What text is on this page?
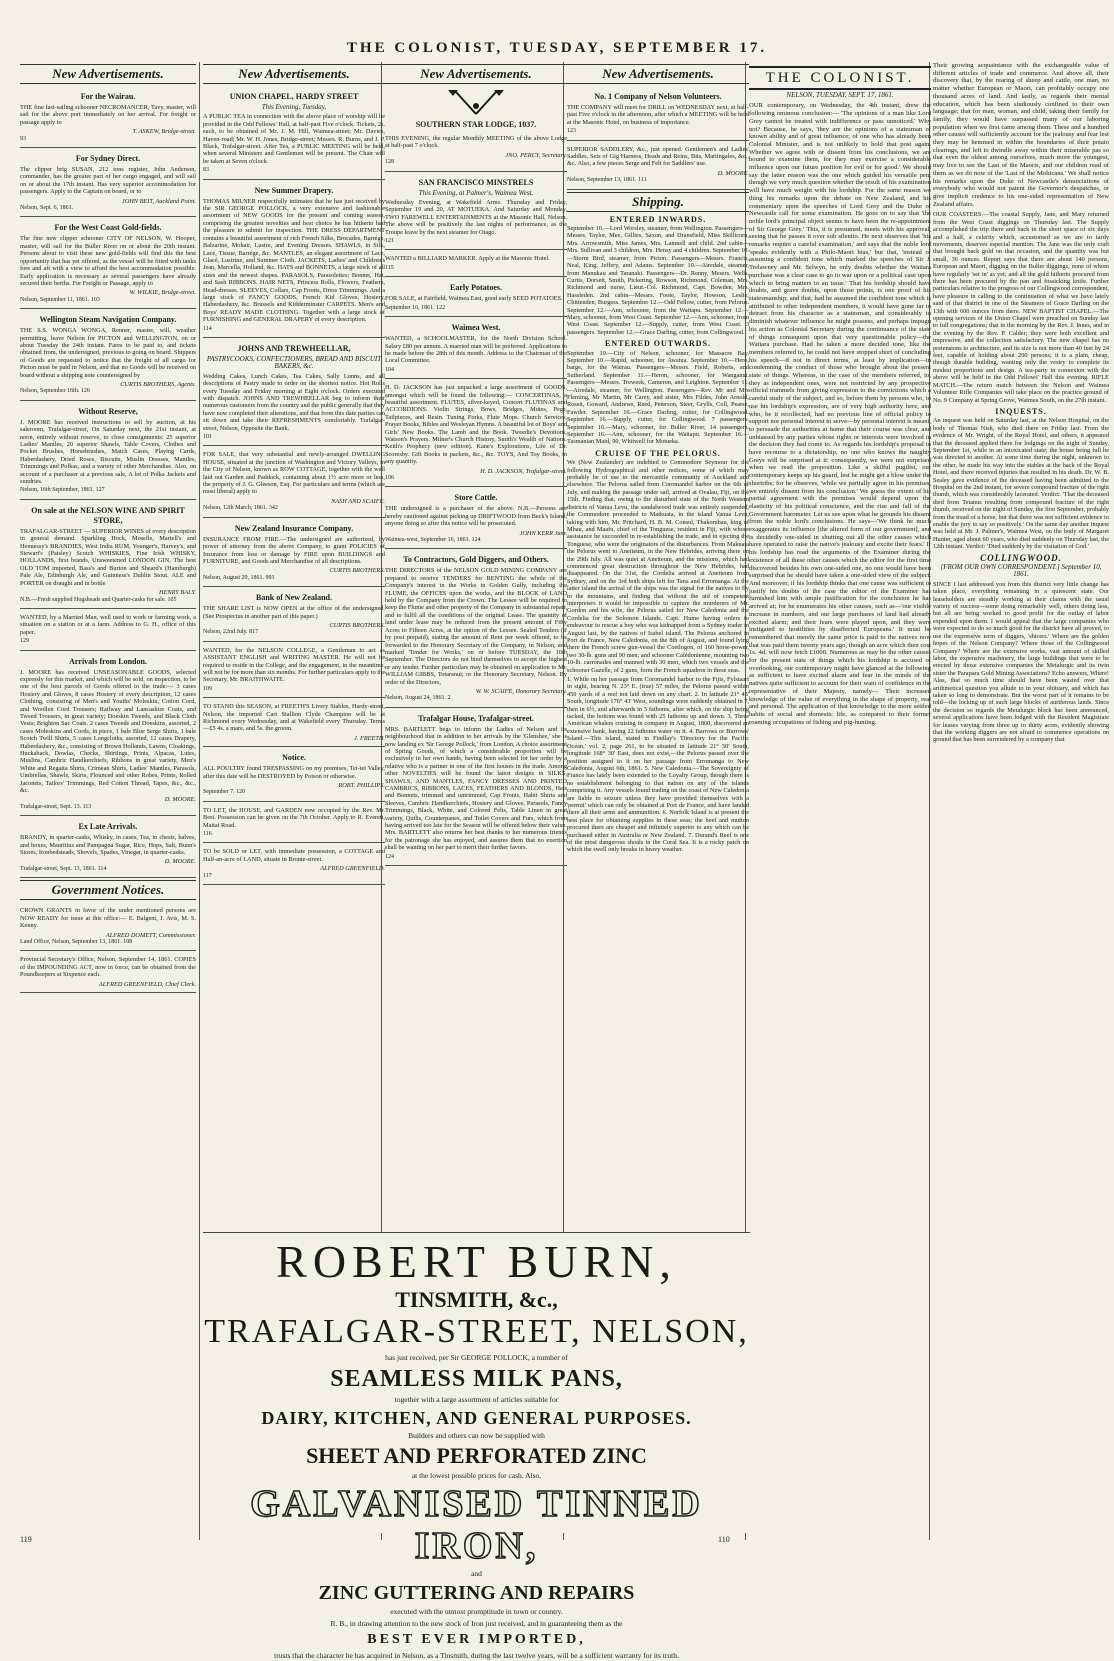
THE COLONIST, TUESDAY, SEPTEMBER 17.
New Advertisements.
For the Wairau.

THE fine fast-sailing schooner NECROMANCER, Tavy, master, will sail for the above port immediately on her arrival. For freight or passage apply to

T. ASKEW, Bridge-street.
93
For Sydney Direct.

The clipper brig SUSAN, 212 tons register, John Anderson, commander, has the greater part of her cargo engaged, and will sail on or about the 17th instant. Has very superior accommodation for passengers. Apply to the Captain on board, or to

JOHN BEIT, Auckland Point.
Nelson, Sept. 6, 1861.
For the West Coast Gold-fields.

The fine new clipper schooner CITY OF NELSON, W. Hooper, master, will sail for the Buller River on or about the 20th instant. Persons about to visit these new gold-fields will find this the best opportunity that has yet offered, as the vessel will be fitted with tanks fore and aft with a view to afford the best accommodation possible. Early application is necessary as several passengers have already secured their berths. For Freight or Passage, apply to

W. WILKIE, Bridge-street.
Nelson, September 11, 1861. 103
Wellington Steam Navigation Company.

THE S.S. WONGA WONGA, Renner, master, will, weather permitting, leave Nelson for PICTON and WELLINGTON, on or about Tuesday the 24th instant. Fares to be paid to, and tickets obtained from, the undersigned, previous to going on board. Shippers of Goods are requested to notice that the freight of all cargo for Picton must be paid in Nelson, and that no Goods will be received on board without a shipping note countersigned by

CURTIS BROTHERS, Agents.
Nelson, September 16th. 126
Without Reserve,

J. MOORE has received instructions to sell by auction, at his saleroom, Trafalgar-street, On Saturday next, the 21st instant, at noon, entirely without reserve, to close consignments: 25 superior Ladies' Mantles, 20 superior Shawls, Table Covers, Clothes and Pocket Brushes, Horsebrushes, Match Cases, Playing Cards, Haberdashery, Dried Roses, Biscuits, Muslin Dresses, Mantles, Trimmings and Polkas, and a variety of other Merchandise. Also, on account of a purchaser at a previous sale, A lot of Polka Jackets and sundries.

Nelson, 16th September, 1861. 127
On sale at the NELSON WINE AND SPIRIT STORE,

TRAFALGAR-STREET — SUPERIOR WINES of every description in general demand. Sparkling Hock, Moselle, Martell's and Hennessy's BRANDIES, West India RUM, Younger's, Harvey's, and Stewart's (Paisley) Scotch WHISKIES, Fine Irish WHISKY, HOLLANDS, first brands, Unsweetened LONDON GIN, The best OLD TOM imported, Bass's and Burton and Sheard's (Hamburgh) Pale Ale, Edinburgh Ale, and Guinness's Dublin Stout. ALE and PORTER on draught and in bottle

HENRY BALY.
N.B.—Fresh supplied Hogsheads and Quarter-casks for sale. 105

WANTED, by a Married Man, well used to work or farming work, a situation on a station or at a farm. Address to G. H., office of this paper.

129
Arrivals from London.

J. MOORE has received UNSEASONABLE GOODS, selected expressly for this market, and which will be sold, on inspection, to be one of the best parcels of Goods offered to the trade:— 3 cases Hosiery and Gloves, 8 cases Hosiery of every description, 12 cases Clothing, consisting of Men's and Youths' Moleskin, Cotton Cord, and Woollen Cord Trousers; Railway and Lancashire Coats, and Tweed Trousers, in great variety; Doeskin Tweeds, and Black Cloth Vests; Brighton Sac Coats. 2 cases Tweeds and Doeskins, assorted, 2 cases Moleskins and Cords, in piece, 1 bale Blue Serge Shirts, 1 bale Scotch Twill Shirts, 5 cases Longcloths, assorted, 12 cases Drapery, Haberdashery, &c., consisting of Brown Hollands, Lawns, Cloakings, Huckaback, Dowlas, Checks, Shirtings, Prints, Alpacas, Lutes, Muslins, Cambric Handkerchiefs, Ribbons in great variety, Men's White and Regatta Shirts, Crimean Shirts, Ladies' Mantles, Parasols, Umbrellas, Shawls, Skirts, Flounced and other Robes, Prints, Rolled Jaconets, Tailors' Trimmings, Red Cotton Thread, Tapes, &c., &c., &c.

D. MOORE.
Trafalgar-street, Sept. 13. 113
Ex Late Arrivals.

BRANDY, in quarter-casks, Whisky, in cases, Tea, in chests, halves, and boxes, Mauritius and Pampagna Sugar, Rice, Hops, Salt, Bunn's Stores, Ironbedsteads, Shovels, Spades, Vinegar, in quarter-casks.

D. MOORE.
Trafalgar-street, Sept. 13, 1861. 114
Government Notices.

CROWN GRANTS in favor of the under mentioned persons are NOW READY for issue at this office:— E. Balgent, J. Avis, M. S. Kenny.

ALFRED DOMETT, Commissioner.
Land Office, Nelson, September 13, 1861. 108

Provincial Secretary's Office, Nelson, September 14, 1861. COPIES of the IMPOUNDING ACT, now in force, can be obtained from the Poundkeepers at Sixpence each.

ALFRED GREENFIELD, Chief Clerk.
New Advertisements.
UNION CHAPEL, HARDY STREET
This Evening, Tuesday,

A PUBLIC TEA in connection with the above place of worship will be provided in the Odd Fellows' Hall, at half-past Five o'clock. Tickets, 2s. each, to be obtained of Mr. J. M. Hill, Waimea-street; Mr. Davies, Haven-road; Mr. W. H. Jones, Bridge-street; Messrs. R. Burns, and J. P. Black, Trafalgar-street. After Tea, a PUBLIC MEETING will be held, when several Ministers and Gentlemen will be present. The Chair will be taken at Seven o'clock.

83
New Summer Drapery.

THOMAS MILNER respectfully intimates that he has just received by the SIR GEORGE POLLOCK, a very extensive and fashionable assortment of NEW GOODS for the present and coming season, comprising the greatest novelties and best choice he has hitherto had the pleasure to submit for inspection. THE DRESS DEPARTMENT contains a beautiful assortment of rich French Silks, Brocades, Barrége, Balzarine, Mohair, Lustre, and Evening Dresses. SHAWLS, in Silk, Lace, Tissue, Barrége, &c. MANTLES, an elegant assortment of Lace, Glacé, Lustrine, and Summer Cloth. JACKETS, Ladies' and Children's Jean, Marcella, Holland, &c. HATS and BONNETS, a large stock of all sizes and the newest shapes. PARASOLS, Parasolettes; Bonnet, Hat, and Sash RIBBONS. HAIR NETS, Princess Rolls, Flowers, Feathers, Head-dresses. SLEEVES, Collars, Cap Fronts, Dress Trimmings. And a large stock of FANCY GOODS, French Kid Gloves, Hosiery, Haberdashery, &c. Brussels and Kidderminster CARPETS. Men's and Boys' READY MADE CLOTHING. Together with a large stock of FURNISHING and GENERAL DRAPERY of every description.

114
JOHNS AND TREWHEELLAR,
PASTRYCOOKS, CONFECTIONERS, BREAD AND BISCUIT BAKERS, &c.

Wedding Cakes, Lunch Cakes, Tea Cakes, Sally Lunns, and all descriptions of Pastry made to order on the shortest notice. Hot Rolls every Tuesday and Friday morning at Eight o'clock. Orders executed with dispatch. JOHNS AND TREWHEELLAR beg to inform their numerous customers from the country and the public generally that they have now completed their alterations, and that from this date parties can sit down and take their REFRESHMENTS comfortably. Trafalgar-street, Nelson, Opposite the Bank.

101

FOR SALE, that very substantial and newly-arranged DWELLING HOUSE, situated at the junction of Washington and Victory Valleys, in the City of Nelson, known as ROW COTTAGE, together with the well laid out Garden and Paddock, containing about 1½ acre more or less, the property of J. G. Gleeson, Esq. For particulars and terms (which are most liberal) apply to

NASH AND SCAIFE.
Nelson, 12th March, 1861. 342
New Zealand Insurance Company.

INSURANCE FROM FIRE.—The undersigned are authorized, by power of attorney from the above Company, to grant POLICIES of Insurance from loss or damage by FIRE upon BUILDINGS and FURNITURE, and Goods and Merchandise of all descriptions.

CURTIS BROTHERS.
Nelson, August 20, 1861. 993
Bank of New Zealand.

THE SHARE LIST is NOW OPEN at the office of the undersigned. (See Prospectus in another part of this paper.)

CURTIS BROTHERS.
Nelson, 22nd July. 817

WANTED, for the NELSON COLLEGE, a Gentleman to act as ASSISTANT ENGLISH and WRITING MASTER. He will not be required to reside in the College, and the engagement, in the meantime, will not be for more than six months. For further particulars apply to the Secretary, Mr. BRAITHWAITE.

109

TO STAND this SEASON, at FREETH'S Livery Stables, Hardy-street, Nelson, the imported Cart Stallion Clyde Champion will be at Richmond every Wednesday, and at Wakefield every Thursday. Terms—£5 4s. a mare, and 5s. the groom.

J. FREETH.
Notice.

ALL POULTRY found TRESPASSING on my premises, Tei-tei Valley, after this date will be DESTROYED by Poison or otherwise.

ROBT. PHILLIPS.
September 7. 120

TO LET, the HOUSE, and GARDEN now occupied by the Rev. Mr. Best. Possession can be given on the 7th October. Apply to R. Everett, Maitai Road.

116

TO be SOLD or LET, with immediate possession, a COTTAGE and Half-an-acre of LAND, situate in Bronte-street.

ALFRED GREENFIELD.
117
New Advertisements.
SOUTHERN STAR LODGE, 1037.

THIS EVENING, the regular Monthly MEETING of the above Lodge at half-past 7 o'clock.

JNO. PERCY, Secretary.
128
SAN FRANCISCO MINSTRELS
This Evening, at Palmer's, Waimea West.

Wednesday Evening, at Wakefield Arms. Thursday and Friday, September 19 and 20, AT MOTUEKA. And Saturday and Monday, TWO FAREWELL ENTERTAINMENTS at the Masonic Hall, Nelson. The above will be positively the last nights of performance, as the Troupe leave by the next steamer for Otago.

121

WANTED a BILLIARD MARKER. Apply at the Masonic Hotel.

115
Early Potatoes.

FOR SALE, at Fairfield, Waimea East, good early SEED POTATOES.

September 16, 1861. 122
Waimea West.

WANTED, a SCHOOLMASTER, for the North Division School. Salary £80 per annum. A married man will be preferred. Applications to be made before the 28th of this month. Address to the Chairman of the Local Committee.

104

H. D. JACKSON has just unpacked a large assortment of GOODS, amongst which will be found the following:— CONCERTINAS, a beautiful assortment. FLUTES, silver-keyed, Concert FLUTINAS and ACCORDIONS. Violin Strings, Bows, Bridges, Mutes, Pegs, Tailpieces, and Resin. Tuning Forks, Flute Mops. Church Services, Prayer Books, Bibles and Wesleyan Hymns. A beautiful lot of Boys' and Girls' New Books. The Lamb and the Book. Tweedie's Devotions, Watson's Prayers. Milner's Church History, Smith's Wealth of Nations. Keith's Prophecy (new edition). Kane's Explorations, Life of Dr. Scoresby. Gift Books in packets, &c., &c. TOYS, And Toy Books, in any quantity.

H. D. JACKSON, Trafalgar-street.
106
Store Cattle.

THE undersigned is a purchaser of the above. N.B.—Persons are hereby cautioned against picking up DRIFTWOOD from Beck's Island; anyone doing so after this notice will be prosecuted.

JOHN KERR Junr.
Waimea-west, September 16, 1861. 124
To Contractors, Gold Diggers, and Others.

THE DIRECTORS of the NELSON GOLD MINING COMPANY are prepared to receive TENDERS for RENTING the whole of the Company's interest in the Works in Golden Gully, including the FLUME, the OFFICES upon the works, and the BLOCK of LAND held by the Company from the Crown. The Lessee will be required to keep the Flume and other property of the Company in substantial repair, and to fulfil all the conditions of the original Lease. The quantity of land under lease may be reduced from the present amount of Fifty Acres to Fifteen Acres, at the option of the Lessee. Sealed Tenders (if by post prepaid), stating the amount of Rent per week offered, to be forwarded to the Honorary Secretary of the Company, in Nelson, and marked 'Tender for Works,' on or before TUESDAY, the 10th September. The Directors do not bind themselves to accept the highest or any tender. Further particulars may be obtained on application to Mr. WILLIAM GIBBS, Totaranui; or the Honorary Secretary, Nelson. By order of the Directors,

W. W. SCAIFE, Honorary Secretary.
Nelson, August 24, 1861. 2
Trafalgar House, Trafalgar-street.

MRS. BARTLETT begs to inform the Ladies of Nelson and its neighbourhood that in addition to her arrivals by the 'Glenshee,' she is now landing ex 'Sir George Pollock,' from London, A choice assortment of Spring Goods, of which a considerable proportion will be exclusively in her own hands, having been selected for her order by a relative who is a partner in one of the first houses in the trade. Among other NOVELTIES will be found the latest designs in SILKS, SHAWLS, AND MANTLES, FANCY DRESSES AND PRINTED CAMBRICS, RIBBONS, LACES, FEATHERS AND BLONDS, Hats and Bonnets, trimmed and untrimmed, Cap Fronts, Habit Shirts and Sleeves, Cambric Handkerchiefs, Hosiery and Gloves, Parasols, Fancy Trimmings, Black, White, and Colored Felts, Table Linen in great variety, Quilts, Counterpanes, and Toilet Covers and Furs, which from having arrived too late for the Season will be offered below their value. Mrs. BARTLETT also returns her best thanks to her numerous friends for the patronage she has enjoyed, and assures them that no exertion shall be wanting on her part to merit their further favors.

124
New Advertisements.
No. 1 Company of Nelson Volunteers.

THE COMPANY will meet for DRILL on WEDNESDAY next, at half-past Five o'clock in the afternoon, after which a MEETING will be held at the Masonic Hotel, on business of importance.

123

SUPERIOR SADDLERY, &c., just opened. Gentlemen's and Ladies' Saddles, Sets of Gig Harness, Heads and Reins, Bits, Martingales, &c., &c. Also, a few pieces Serge and Felt for Saddlers' use.

D. MOORE.
Nelson, September 13, 1861. 111
Shipping.
ENTERED INWARDS.

September 10.—Lord Worsley, steamer, from Wellington. Passengers—Messrs. Taylor, Mee, Gillies, Saxon, and Dransfield, Miss Skillicorn, Mrs. Arrowsmith, Miss James, Mrs. Lamnell and child. 2nd cabin—Mrs. Sullivan and 3 children, Mrs. Hensy and 4 children. September 10.—Storm Bird, steamer, from Picton. Passengers—Messrs. Francis, Neal, King, Jeffery, and Adams. September 10.—Airedale, steamer, from Manukau and Taranaki. Passengers—Dr. Renny, Messrs. Wells, Curtis, Dorsett, Smith, Pickering, Rowson, Richmond, Coleman, Mrs. Richmond and nurse, Lieut.-Col. Richmond, Capt. Bowden, Mrs. Hassleden. 2nd cabin—Messrs. Foote, Taylor, Howson, Leslie, Chittenden, Burgess. September 12.—Odd Fellow, cutter, from Pelorus. September 12.—Ann, schooner, from the Waitapu. September 12.—Mary, schooner, from West Coast. September 12.—Ann, schooner, from West Coast. September 12.—Supply, cutter, from West Coast. 3 passengers. September 12.—Grace Darling, cutter, from Collingwood.

ENTERED OUTWARDS.

September 10.—City of Nelson, schooner, for Massacre Bay. September 10.—Rapid, schooner, for Awatua. September 10.—Hero, barge, for the Wairau. Passengers—Messrs. Field, Roberts, and Sutherland. September 11.—Heron, schooner, for Wanganui. Passengers—Messrs. Treweek, Cameron, and Leighton. September 11.—Airedale, steamer, for Wellington. Passengers—Rev. Mr and Mrs Fleming, Mr Martin, Mr Carey, and sister, Mrs Fildes, John Arnold, Rossit, Goward, Andrews, Reed, Peterson, Steer, Grylls, Coll, Pearse, Fawder. September 16.—Grace Darling, cutter, for Collingwood. September 16.—Supply, cutter, for Collingwood. 7 passengers. September 16.—Mary, schooner, for Buller River, 14 passengers. September 16.—Ann, schooner, for the Waitapu. September 16.—Tasmanian Maid, 90, Whitwell for Motueka.

CRUISE OF THE PELORUS.

We (New Zealander) are indebted to Commodore Seymour for the following Hydrographical and other notices, some of which may probably be of use to the mercantile community of Auckland and elsewhere. The Pelorus sailed from Coromandel harbor on the 6th of July, and making the passage under sail, arrived at Ovalau, Fiji, on the 15th. Finding that, owing to the disturbed state of the North Western districts of Vanua Levu, the sandalwood trade was entirely suspended, the Commodore proceeded to Matkuata, in the island Vanua Levu, taking with him, Mr. Pritchard, H. B. M. Consul, Thakombau, king of Mbau, and Maafu, chief of the Tonguese, resident in Fiji, with whose assistance he succeeded in re-establishing the trade, and in ejecting the Tonguese, who were the originators of the disturbances. From Makuata the Pelorus went to Aneiteum, in the New Hebrides, arriving there on the 29th July. All was quiet at Aneiteum, and the missions, which had commenced great destruction throughout the New Hebrides, had disappeared. On the 31st, the Cordelia arrived at Aneiteum from Sydney, and on the 3rd both ships left for Tana and Erromanga. At the latter island the arrival of the ships was the signal for the natives to fly to the mountains, and finding that without the aid of competent interpreters it would be impossible to capture the murderers of Mr. Gordon and his wife, the Pelorus sailed for New Caledonia and the Cordelia for the Solomon Islands. Capt. Hume having orders to endeavour to rescue a boy who was kidnapped from a Sydney trader in August last, by the natives of Isabel island. The Pelorus anchored in Port de France, New Caledonia, on the 8th of August, and found lying there the French screw gun-vessel the Coetlogon, of 160 horse-power, two 30-lb. guns and 90 men; and schooner Calédonienne, mounting two 10-lb. carronades and manned with 30 men, which two vessels and the schooner Gazelle, of 2 guns, form the French squadron in these seas.

1. While on her passage from Coromandel harbor to the Fijis, Fylstaart in sight, bearing N. 23° E. (true) 57 miles, the Pelorus passed within 450 yards of a reef not laid down on any chart. 2. In latitude 21° 45' South, longitude 176° 43' West, soundings were suddenly obtained in 7, then in 6½, and afterwards in 5 fathoms, after which, on the ship being tacked, the bottom was found with 25 fathoms up and down. 3. Three American whalers cruising in company in August, 1860, discovered an extensive bank, having 22 fathoms water on it. 4. Barrows or Burrows' Island.—This island, stated in Findlay's 'Directory for the Pacific Ocean,' vol. 2, page 261, to be situated in latitude 21° 50' South, longitude 168° 30' East, does not exist,—the Pelorus passed over the position assigned to it on her passage from Erromanga to New Caledonia, August 6th, 1861. 5. New Caledonia.—The Sovereignty of France has lately been extended to the Loyalty Group, though there is no establishment belonging to that nation on any of the islands comprising it. Any vessels found trading on the coast of New Caledonia are liable to seizure unless they have provided themselves with a 'permit' which can only be obtained at Port de France, and have landed there all their arms and ammunition. 6. Norfolk Island is at present the best place for obtaining supplies in these seas; the beef and mutton procured there are cheaper and infinitely superior to any which can be purchased either in Australia or New Zealand. 7. Durand's Reef is one of the most dangerous shoals in the Coral Sea. It is a rocky patch on which the swell only breaks in heavy weather.

THE COLONIST.
NELSON, TUESDAY, SEPT. 17, 1861.

OUR contemporary, on Wednesday, the 4th instant, drew the following ominous conclusion:— 'The opinions of a man like Lord Grey cannot be treated with indifference or pass unnoticed.' Why not? Because, he says, 'they are the opinions of a statesman of known ability and of great influence; of one who has already been Colonial Minister, and is not unlikely to hold that post again. Whether we agree with or dissent from his conclusions, we are bound to examine them, for they may exercise a considerable influence upon our future position for evil or for good.' We should say the latter reason was the one which guided his versatile pen; though we very much question whether the result of his examination will have much weight with his lordship. For the same reason we thing his remarks upon the debate on New Zealand, and his commentary upon the speeches of Lord Grey and the Duke of Newcastle call for some examination. He goes on to say that 'the noble lord's principal object seems to have been the re-appointment of Sir George Grey.' This, it is presumed, meets with his approval, seeing that he passes it over sub silentio. He next observes that 'his remarks require a careful examination,' and says that the noble lord 'speaks evidently with a Philo-Maori bias,' but that, 'instead of assuming a confident tone which marked the speeches of Sir J. Trelawney and Mr. Selwyn, he only doubts whether the Waitara purchase was a clear case to go to war upon or a political case upon which to bring matters to an issue.' That his lordship should have doubts, and grave doubts, upon those points, is one proof of his statesmanship; and that, had he assumed the confident tone which is attributed to other independent members, it would have gone far to detract from his character as a statesman, and considerably to diminish whatever influence he might possess, and perhaps impugn his action as Colonial Secretary during the continuance of the state of things consequent upon that very questionable policy—the Waitara purchase. Had he taken a more decided tone, like the members referred to, he could not have stopped short of concluding his speech—if not in direct terms, at least by implication—in condemning the conduct of those who brought about the present state of things. Whereas, in the case of the members referred, to, they as independent ones, were not restricted by any prospective official trammels from giving expression to the convictions which a careful study of the subject, and so, before them by persons who, to use his lordship's expression, are of very high authority here, and who, be it recollected, had no previous line of official policy to support nor personal interest to serve—by personal interest is meant, to persuade the authorities at home that their course was clear, and unbiassed by any parties whose rights or interests were involved in the decision they had come to. As regards his lordship's proposal to have recourse to a dictatorship, no one who knows the naughty Greys will be surprised at it: consequently, we were not surprised when we read the proposition. Like a skilful pugilist, our contemporary keeps up his guard, lest he might get a blow under the shortribs; for he observes, 'while we partially agree in his premises, we entirely dissent from his conclusion.' We guess the extent of his partial agreement with the premises would depend upon the elasticity of his political conscience, and the rise and fall of the Government barometer. Let us see upon what he grounds his dissent from the noble lord's conclusions. He says—'We think he much exaggerates its influence [the altered form of our government], and is decidedly one-sided in shutting out all the other causes which have operated to raise the native's jealousy and excite their fears.' If his lordship has read the arguments of the Examiner during the existence of all these other causes which the editor for the first time discovered besides his own one-sided one, no one would have been surprised that he should have taken a one-sided view of the subject. And moreover, if his lordship thinks that one cause was sufficient to justify his doubts of the case the editor of the Examiner has furnished him with ample justification for the conclusion he has arrived at; for he enumerates his other causes, such as—'our visible increase in numbers, and our large purchases of land had already excited alarm; and their fears were played upon, and they were instigated to hostilities by disaffected Europeans.' It must be remembered that merely the same price is paid to the natives now that was paid them twenty years ago, though an acre which then cost 1s. 4d. will now fetch £1000. Numerous as may be the other causes for the present state of things which his lordship is accused of overlooking, our contemporary might have glanced at the following as sufficient to have excited alarm and fear in the minds of the natives quite sufficient to account for their want of confidence in the representative of their Majesty, namely— Their increased knowledge of the value of everything in the shape of property, real and personal. The application of that knowledge to the more settled habits of social and domestic life, as compared to their former roaming occupations of fishing and pig-hunting.

Their growing acquaintance with the exchangeable value of different articles of trade and commerce. And above all, their discovery that, by the rearing of sheep and cattle, one man, no matter whether European or Maori, can profitably occupy one thousand acres of land. And lastly, as regards their mental education, which has been studiously confined to their own language; that for man, woman, and child, taking their family for family, they would have surpassed many of our laboring population when we first came among them. These and a hundred other causes will sufficiently account for the jealousy and fear lest they may be hemmed in within the boundaries of their potato clearings, and left to dwindle away within their miserable pas so that even the oldest among ourselves, much more the youngest, may live to see the Last of the Maoris, and our children read of them as we do now of the 'Last of the Mohicans.' We shall notice his remarks upon the Duke of Newcastle's denunciations of everybody who would not patent the Governor's despatches, or give implicit credence to his one-sided representation of New Zealand affairs.

OUR COASTERS.—The coastal Supply, Jane, and Mary returned from the West Coast diggings on Thursday last. The Supply accomplished the trip there and back in the short space of six days and a half, a celerity which, accustomed as we are to tardy movements, deserves especial mention. The Jane was the only craft that brought back gold on that occasion, and the quantity was but small, 36 ounces. Report says that there are about 140 persons, European and Maori, digging on the Buller diggings, none of whom have regularly 'set in' as yet; and all the gold hitherto procured from there has been procured by the pan and fossicking knife. Further particulars relative to the progress of our Collingwood correspondent, have pleasure in calling to the continuation of what we have lately said of that district in one of the Steamers of Grace Darling on the 13th with 600 ounces from there. NEW BAPTIST CHAPEL.—The opening services of the Union Chapel were preached on Sunday last to full congregations; that in the morning by the Rev. J. Innes, and in the evening by the Rev. P. Calder; they were both excellent and impressive, and the collection satisfactory. The new chapel has no pretensions to architecture, and its size is not more than 40 feet by 24 feet, capable of holding about 200 persons; it is a plain, cheap, though durable building, wanting only the vestry to complete its modest proportions and design. A tea-party in connexion with the above will be held in the Odd Fellows' Hall this evening. RIFLE MATCH.—The return match between the Nelson and Waimea Volunteer Rifle Companies will take place on the practice ground of No. 9 Company at Spring Grove, Waimea South, on the 27th instant.

INQUESTS.

An inquest was held on Saturday last, at the Nelson Hospital, on the body of Thomas Nish, who died there on Friday last. From the evidence of Mr. Wright, of the Royal Hotel, and others, it appeared that the deceased applied there for lodgings on the night of Sunday, September 1st, while in an intoxicated state; the house being full he was directed to another. At some time during the night, unknown to the other, he made his way into the stables at the back of the Royal Hotel, and there received injuries that resulted in his death. Dr. W. B. Sealey gave evidence of the deceased having been admitted to the Hospital on the 2nd instant, for severe compound fracture of the right thumb, which was considerably lacerated. Verdict: 'That the deceased died from Tetanus resulting from compound fracture of the right thumb, received on the night of Sunday, the first September, probably from the tread of a horse, but that there was not sufficient evidence to enable the jury to say so positively.' On the same day another inquest was held at Mr. J. Palmer's, Waimea West, on the body of Margaret Hunter, aged about 60 years, who died suddenly on Thursday last, the 12th instant. Verdict: 'Died suddenly by the visitation of God.'

COLLINGWOOD.
[FROM OUR OWN CORRESPONDENT.] September 10, 1861.

SINCE I last addressed you from this district very little change has taken place, everything remaining in a quiescent state. Our leaseholders are steadily working at their claims with the usual variety of success—some doing remarkably well, others doing less, but all are being worked to good profit for the outlay of labor expended upon them. I would appeal that the large companies who were expected to do so much good for the district have all proved, to use the expressive term of diggers, 'shicers.' Where are the golden hopes of the Nelson Company? Where those of the Collingwood Company? Where are the extensive works, vast amount of skilled labor, the expensive machinery, the large buildings that were to be erected by those extensive companies the Metalurgic and its twin sister the Parapara Gold Mining Associations? Echo answers, Where! Alas, that so much time should have been wasted over that arithmetical question you allude to in your obituary, and which has taken so long to demonstrate. But the worst part of it remains to be told—the locking up of such large blocks of auriferous lands. Since the decision so regards the Metalurgic block has been announced, several applications have been lodged with the Resident Magistrate for leases varying from three up to thirty acres, evidently showing that the working diggers are not afraid to commence operations on ground that has been surrendered by a company that

ROBERT BURN,
TINSMITH, &c.,
TRAFALGAR-STREET, NELSON,
has just received, per Sir GEORGE POLLOCK, a number of
SEAMLESS MILK PANS,
together with a large assortment of articles suitable for
DAIRY, KITCHEN, AND GENERAL PURPOSES.
Builders and others can now be supplied with
SHEET AND PERFORATED ZINC
at the lowest possible prices for cash. Also,
GALVANISED TINNED IRON,
and
ZINC GUTTERING AND REPAIRS
executed with the utmost promptitude in town or country.
R. B., in drawing attention to the new stock of Iron just received, and in guaranteeing them as the
BEST EVER IMPORTED,
trusts that the character he has acquired in Nelson, as a Tinsmith, during the last twelve years, will be a sufficient warranty for its truth.
119	110
